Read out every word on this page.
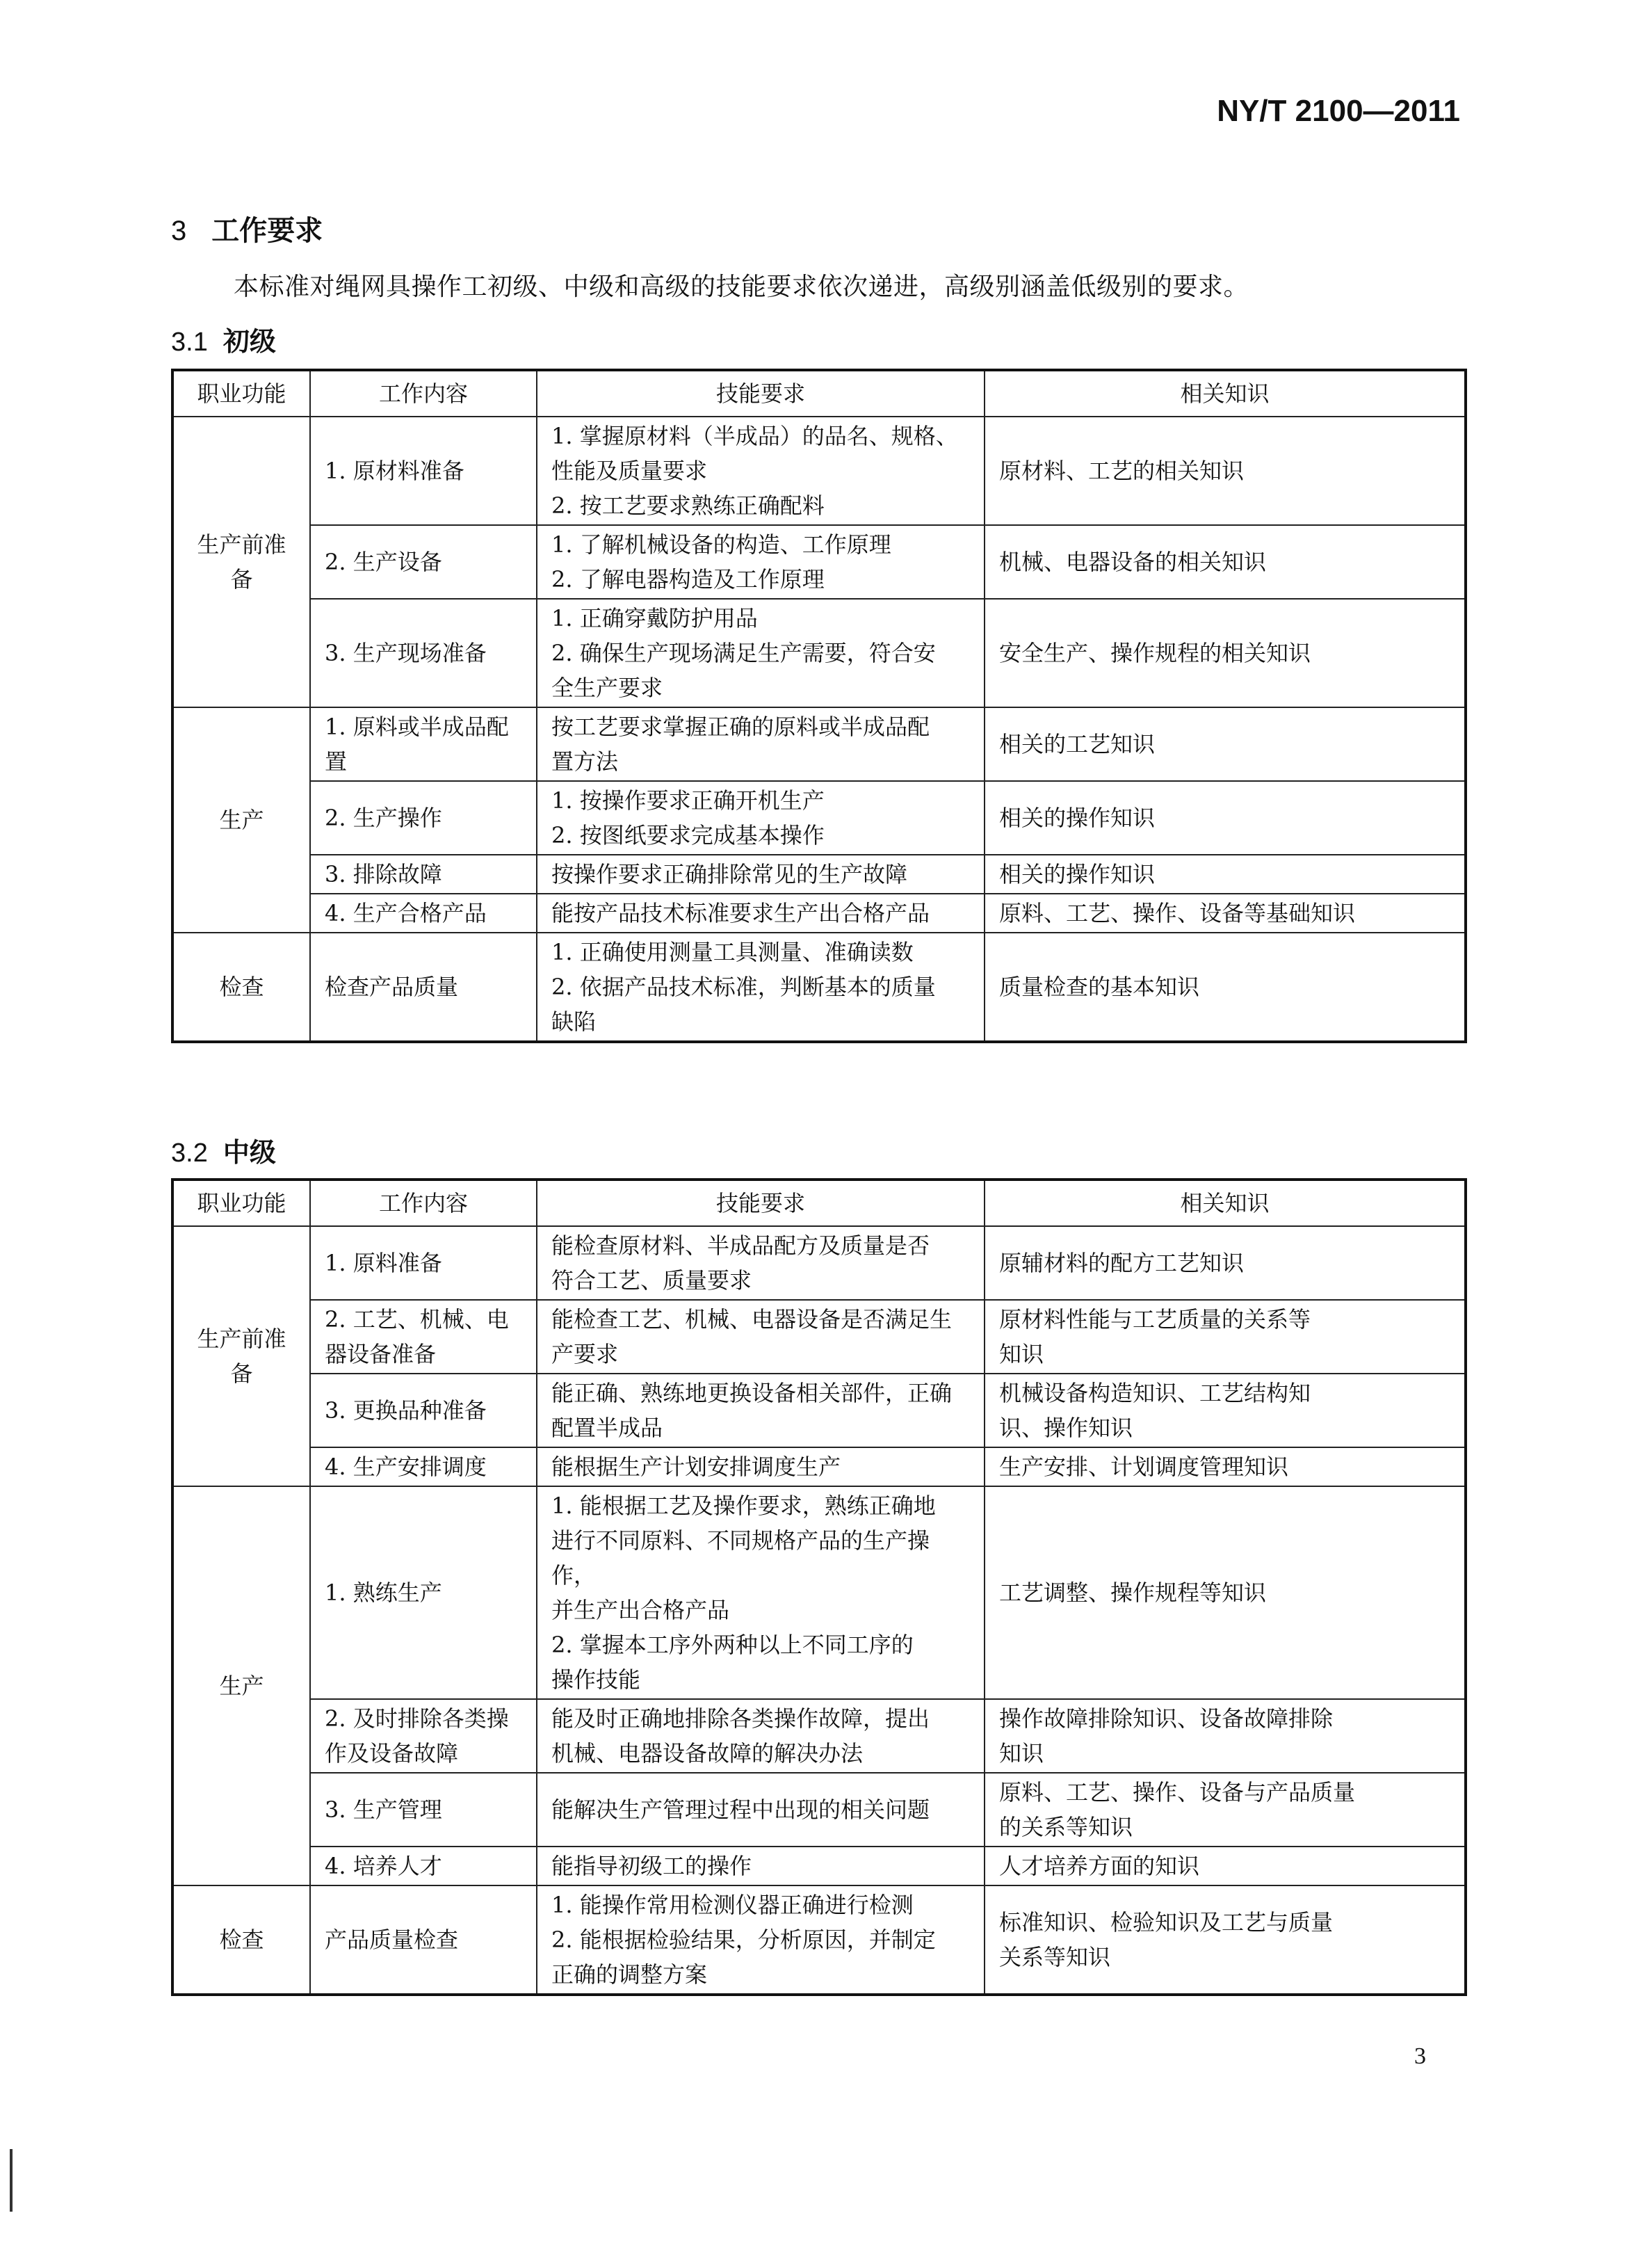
NY/T 2100—2011
3 工作要求
本标准对绳网具操作工初级、中级和高级的技能要求依次递进，高级别涵盖低级别的要求。
3.1 初级
职业功能	工作内容	技能要求	相关知识
生产前准备	1. 原材料准备	1. 掌握原材料（半成品）的品名、规格、
性能及质量要求
2. 按工艺要求熟练正确配料	原材料、工艺的相关知识

	2. 生产设备	1. 了解机械设备的构造、工作原理
2. 了解电器构造及工作原理	机械、电器设备的相关知识

	3. 生产现场准备	1. 正确穿戴防护用品
2. 确保生产现场满足生产需要，符合安
全生产要求	安全生产、操作规程的相关知识

生产	1. 原料或半成品配置	按工艺要求掌握正确的原料或半成品配
置方法	相关的工艺知识

	2. 生产操作	1. 按操作要求正确开机生产
2. 按图纸要求完成基本操作	相关的操作知识

	3. 排除故障	按操作要求正确排除常见的生产故障	相关的操作知识

	4. 生产合格产品	能按产品技术标准要求生产出合格产品	原料、工艺、操作、设备等基础知识

检查	检查产品质量	1. 正确使用测量工具测量、准确读数
2. 依据产品技术标准，判断基本的质量
缺陷	质量检查的基本知识
3.2 中级
职业功能	工作内容	技能要求	相关知识
生产前准备	1. 原料准备	能检查原材料、半成品配方及质量是否
符合工艺、质量要求	原辅材料的配方工艺知识

	2. 工艺、机械、电器设备准备	能检查工艺、机械、电器设备是否满足生
产要求	原材料性能与工艺质量的关系等
知识

	3. 更换品种准备	能正确、熟练地更换设备相关部件，正确
配置半成品	机械设备构造知识、工艺结构知
识、操作知识

	4. 生产安排调度	能根据生产计划安排调度生产	生产安排、计划调度管理知识

生产	1. 熟练生产	1. 能根据工艺及操作要求，熟练正确地
进行不同原料、不同规格产品的生产操作，
并生产出合格产品
2. 掌握本工序外两种以上不同工序的
操作技能	工艺调整、操作规程等知识

	2. 及时排除各类操作及设备故障	能及时正确地排除各类操作故障，提出
机械、电器设备故障的解决办法	操作故障排除知识、设备故障排除
知识

	3. 生产管理	能解决生产管理过程中出现的相关问题	原料、工艺、操作、设备与产品质量
的关系等知识

	4. 培养人才	能指导初级工的操作	人才培养方面的知识

检查	产品质量检查	1. 能操作常用检测仪器正确进行检测
2. 能根据检验结果，分析原因，并制定
正确的调整方案	标准知识、检验知识及工艺与质量
关系等知识
3
